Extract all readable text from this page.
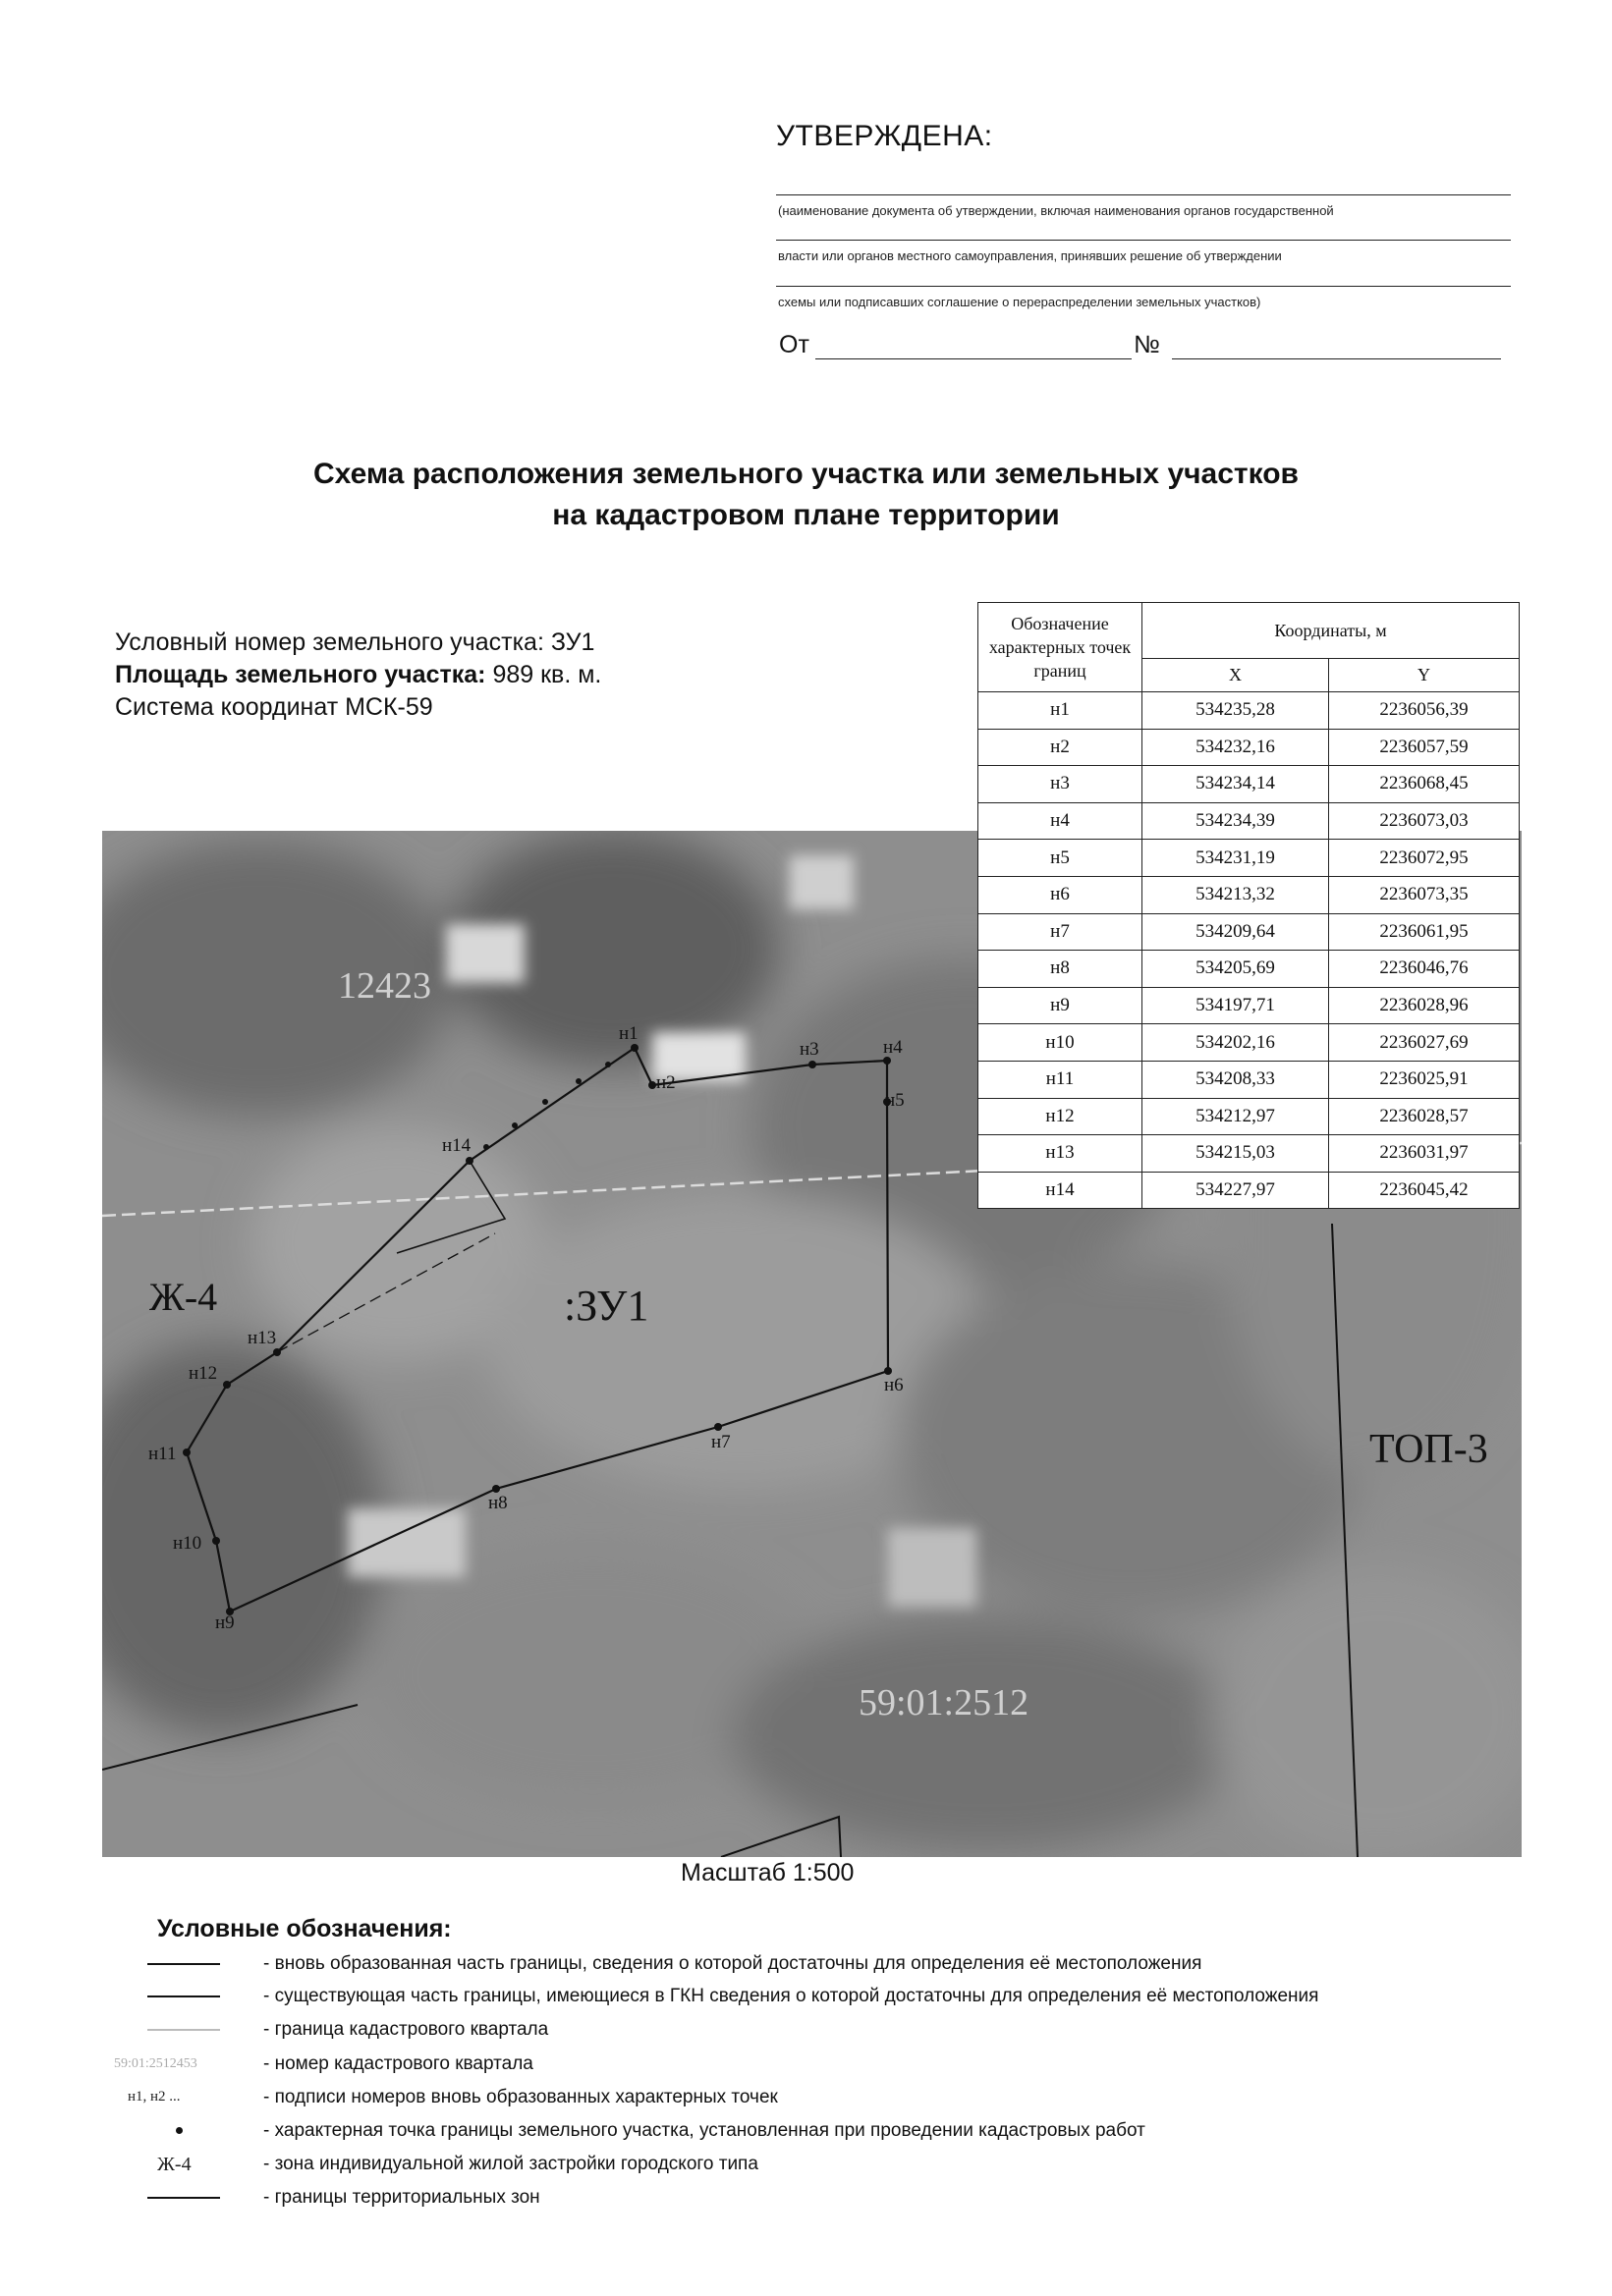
УТВЕРЖДЕНА:
(наименование документа об утверждении, включая наименования органов государственной
власти или органов местного самоуправления, принявших решение об утверждении
схемы или подписавших соглашение о перераспределении земельных участков)
От	№
Схема расположения земельного участка или земельных участков
на кадастровом плане территории
Условный номер земельного участка: ЗУ1
Площадь земельного участка: 989 кв. м.
Система координат МСК-59
12423
59:01:2512
н1
н2
н3	н4
н5
н6
н7
н8
н9
н10
н11
н12
н13
н14
:ЗУ1
Ж-4
ТОП-3
Обозначение характерных точек границ	Координаты, м	
	X	Y
н1	534235,28	2236056,39
н2	534232,16	2236057,59
н3	534234,14	2236068,45
н4	534234,39	2236073,03
н5	534231,19	2236072,95
н6	534213,32	2236073,35
н7	534209,64	2236061,95
н8	534205,69	2236046,76
н9	534197,71	2236028,96
н10	534202,16	2236027,69
н11	534208,33	2236025,91
н12	534212,97	2236028,57
н13	534215,03	2236031,97
н14	534227,97	2236045,42
Масштаб 1:500
Условные обозначения:
- вновь образованная часть границы, сведения о которой достаточны для определения её местоположения
- существующая часть границы, имеющиеся в ГКН сведения о которой достаточны для определения её местоположения
- граница кадастрового квартала
59:01:2512453	- номер кадастрового квартала
н1, н2 ...	- подписи номеров вновь образованных характерных точек
- характерная точка границы земельного участка, установленная при проведении кадастровых работ
Ж-4	- зона индивидуальной жилой застройки городского типа
- границы территориальных зон
